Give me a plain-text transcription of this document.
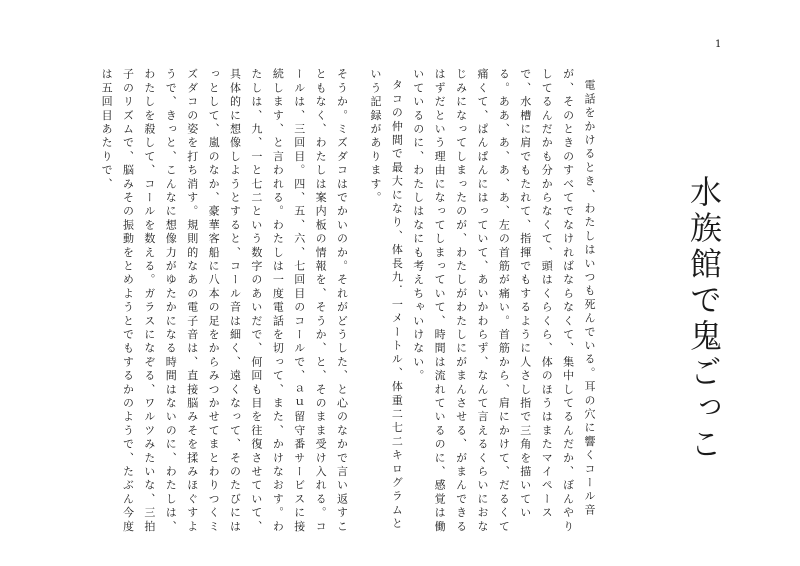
1
水族館で鬼ごっこ

電話をかけるとき、わたしはいつも死んでいる。耳の穴に響くコール音が、そのときのすべてでなければならなくて、集中してるんだか、ぼんやりしてるんだかも分からなくて、頭はくらくら、体のほうはまたマイペースで、水槽に肩でもたれて、指揮でもするように人さし指で三角を描いている。ああ、あ、あ、あ、左の首筋が痛い。首筋から、肩にかけて、だるくて痛くて、ぱんぱんにはっていて、あいかわらず、なんて言えるくらいにおなじみになってしまったのが、わたしがわたしにがまんさせる、がまんできるはずだという理由になってしまっていて、時間は流れているのに、感覚は働いているのに、わたしはなにも考えちゃいけない。

タコの仲間で最大になり、体長九．一メートル、体重二七二キログラムという記録があります。

そうか。ミズダコはでかいのか。それがどうした、と心のなかで言い返すこともなく、わたしは案内板の情報を、そうか、と、そのまま受け入れる。コールは、三回目。四、五、六、七回目のコールで、ａｕ留守番サービスに接続します、と言われる。わたしは一度電話を切って、また、かけなおす。わたしは、九、一と七二という数字のあいだで、何回も目を往復させていて、具体的に想像しようとすると、コール音は細く、遠くなって、そのたびにはっとして、嵐のなか、豪華客船に八本の足をからみつかせてまとわりつくミズダコの姿を打ち消す。規則的なあの電子音は、直接脳みそを揉みほぐすようで、きっと、こんなに想像力がゆたかになる時間はないのに、わたしは、わたしを殺して、コールを数える。ガラスになぞる、ワルツみたいな、三拍子のリズムで、脳みその振動をとめようとでもするかのようで、たぶん今度は五回目あたりで、
